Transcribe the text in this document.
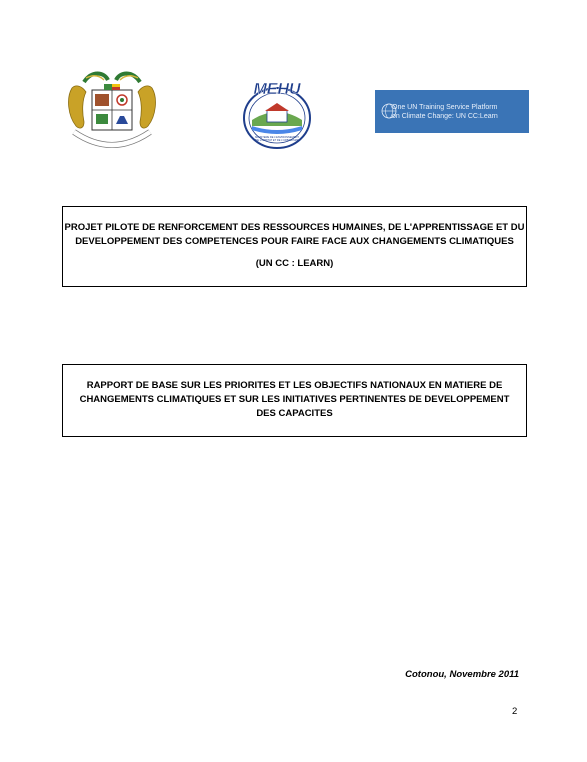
MEHU
MINISTERE DE L'ENVIRONNEMENT
DE L'HABITAT ET DE L'URBANISME
One UN Training Service Platform
on Climate Change: UN CC:Learn
PROJET PILOTE DE RENFORCEMENT DES RESSOURCES HUMAINES, DE L'APPRENTISSAGE ET DU
DEVELOPPEMENT DES COMPETENCES POUR FAIRE FACE AUX CHANGEMENTS CLIMATIQUES
(UN CC : LEARN)
RAPPORT DE BASE SUR LES PRIORITES ET LES OBJECTIFS NATIONAUX EN MATIERE DE
CHANGEMENTS CLIMATIQUES ET SUR LES INITIATIVES PERTINENTES DE DEVELOPPEMENT
DES CAPACITES
Cotonou, Novembre 2011
2
